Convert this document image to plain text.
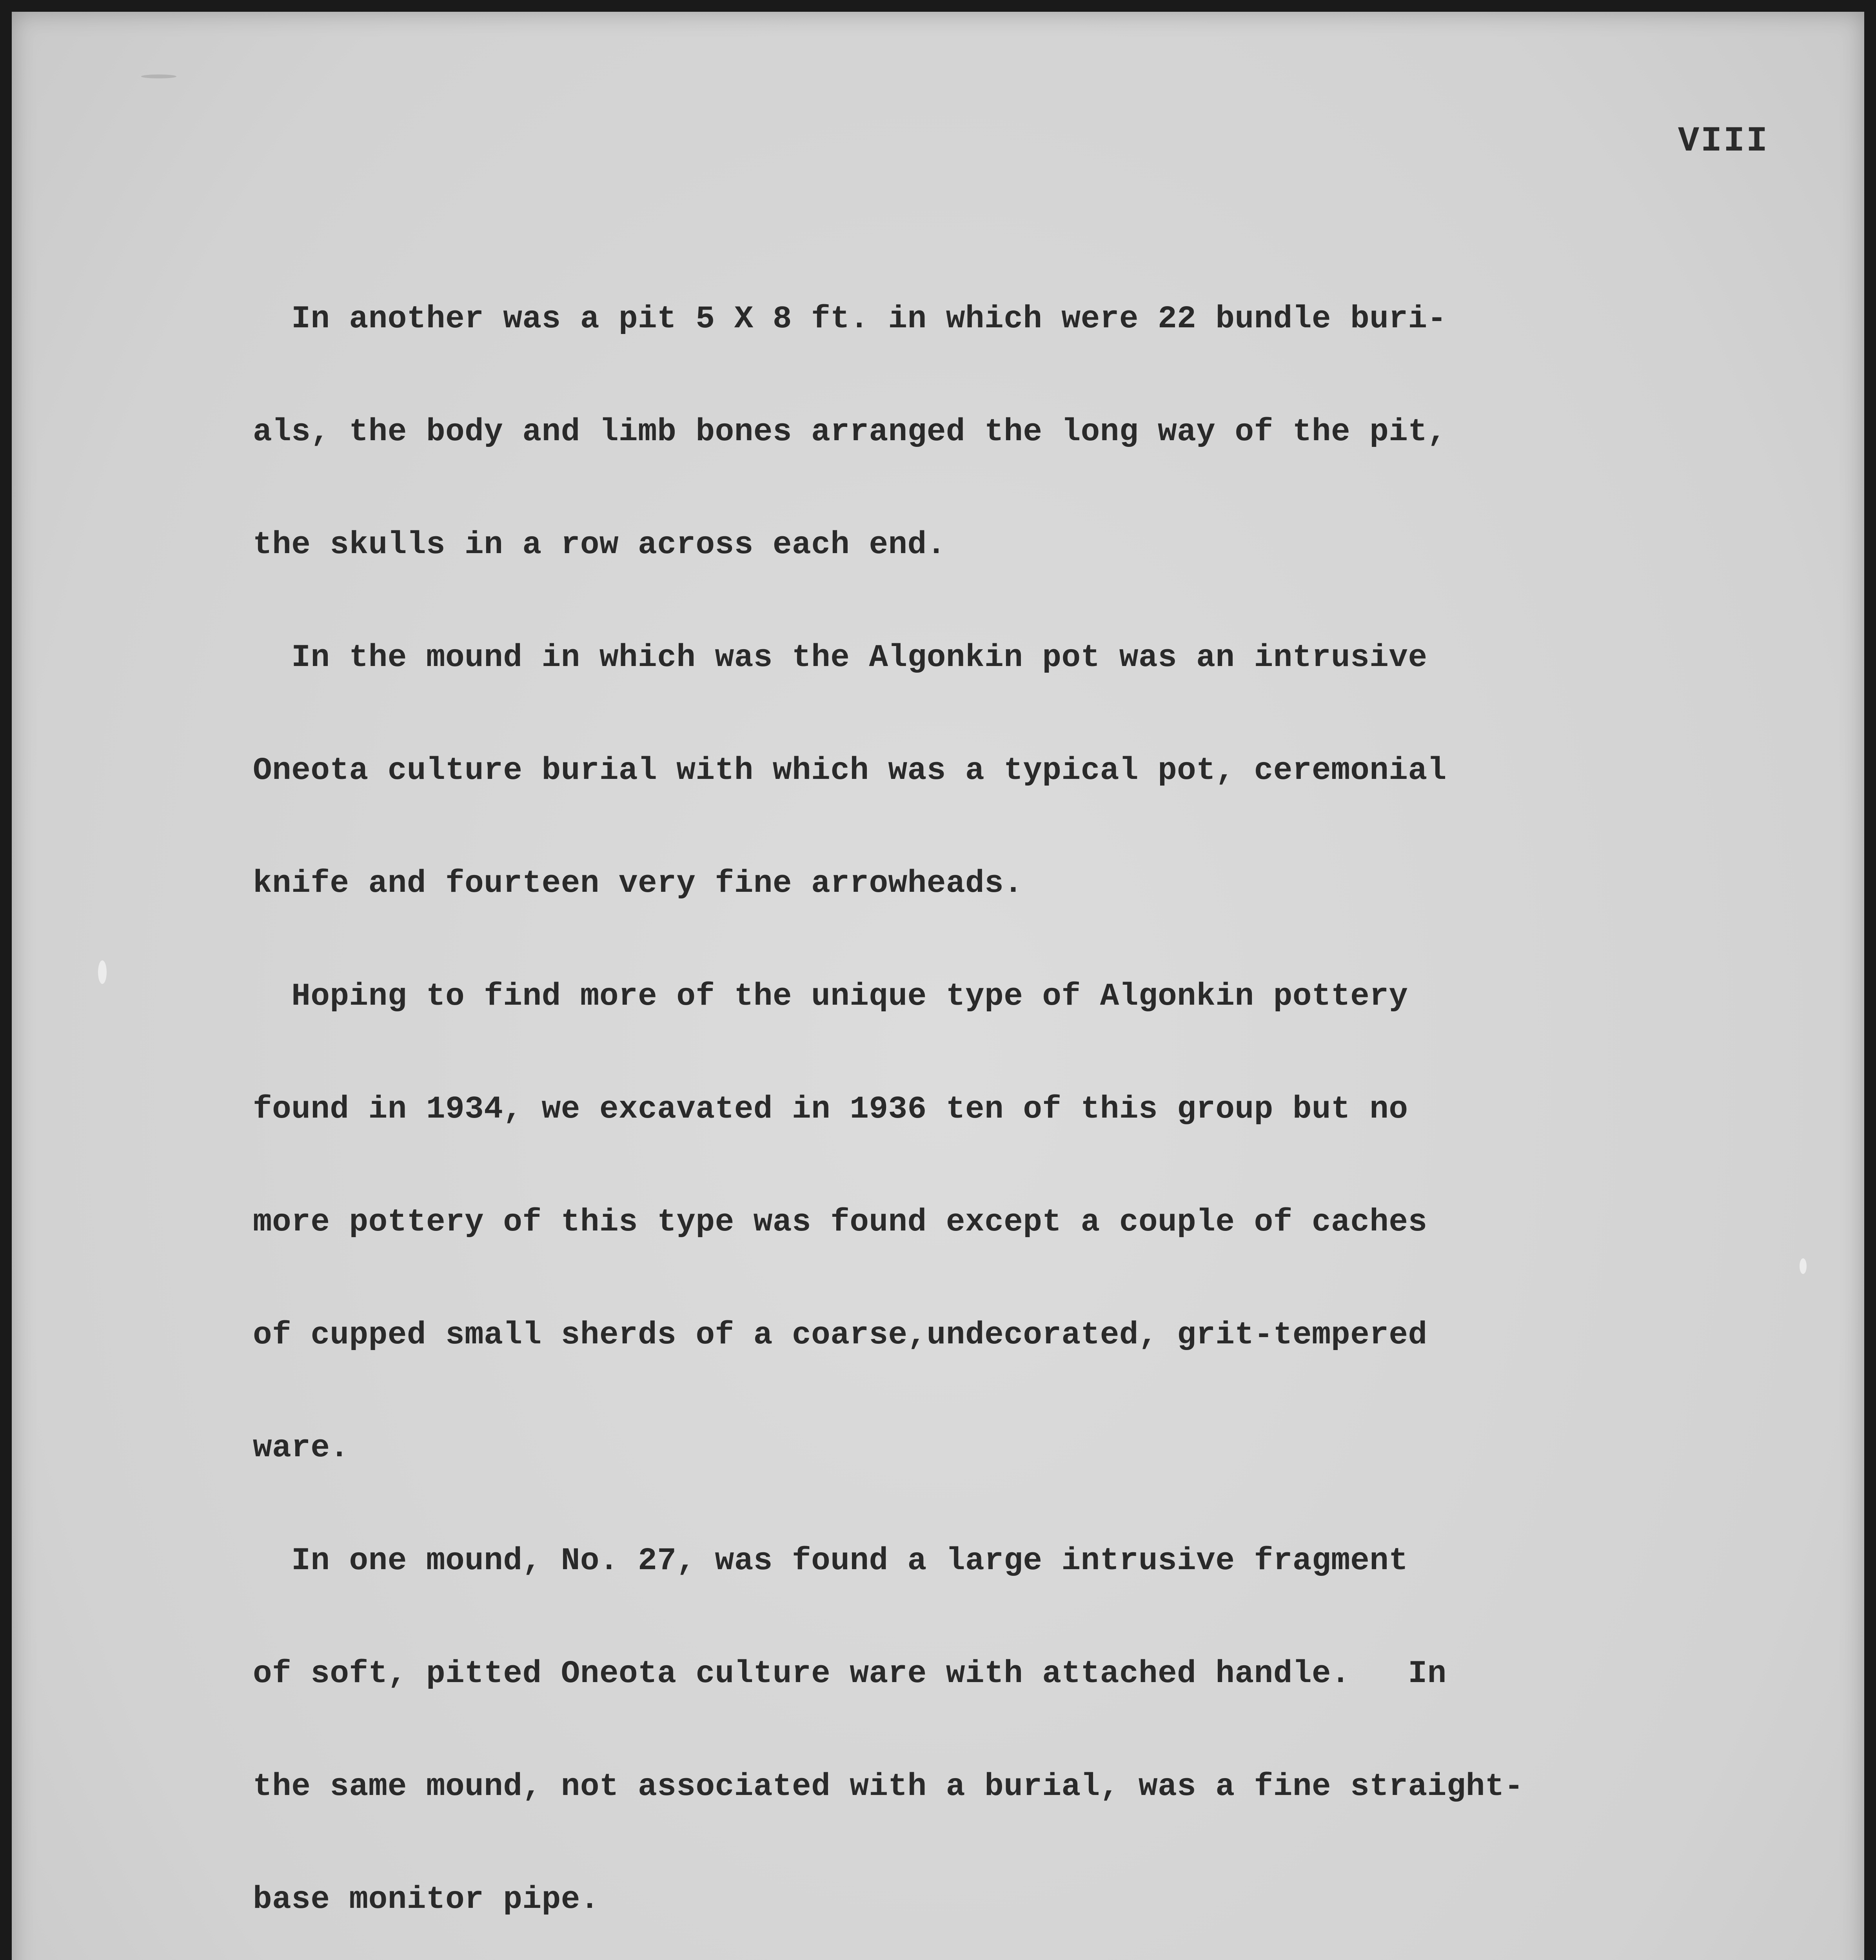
VIII

In another was a pit 5 X 8 ft. in which were 22 bundle buri-

als, the body and limb bones arranged the long way of the pit,

the skulls in a row across each end.

In the mound in which was the Algonkin pot was an intrusive

Oneota culture burial with which was a typical pot, ceremonial

knife and fourteen very fine arrowheads.

Hoping to find more of the unique type of Algonkin pottery

found in 1934, we excavated in 1936 ten of this group but no

more pottery of this type was found except a couple of caches

of cupped small sherds of a coarse,undecorated, grit-tempered

ware.

In one mound, No. 27, was found a large intrusive fragment

of soft, pitted Oneota culture ware with attached handle.   In

the same mound, not associated with a burial, was a fine straight-

base monitor pipe.
